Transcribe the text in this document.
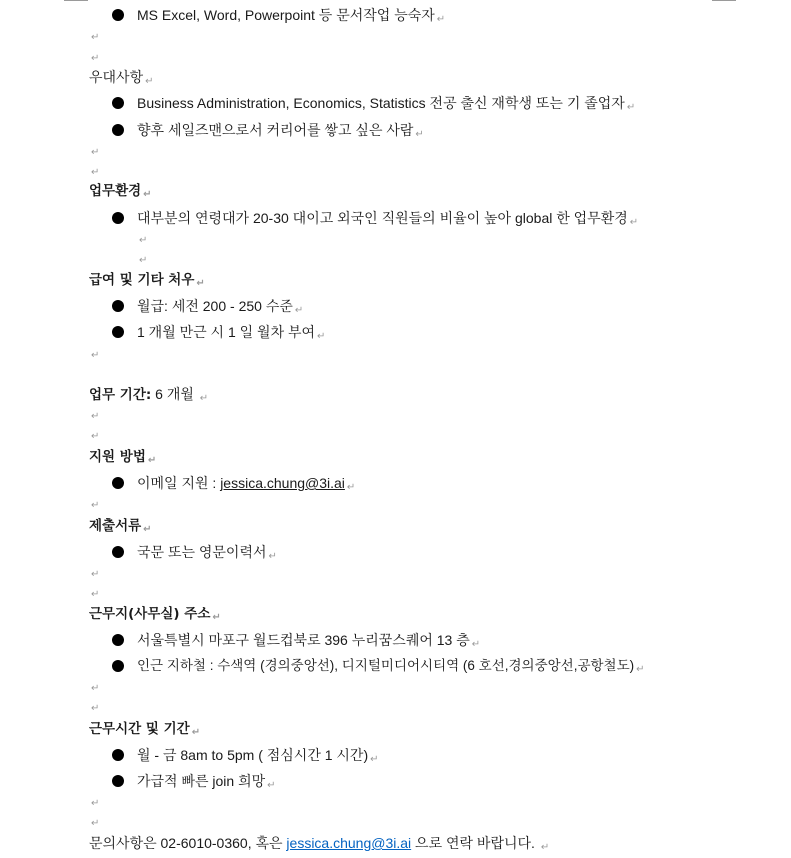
MS Excel, Word, Powerpoint 등 문서작업 능숙자 ↵
↵
↵
우대사항 ↵
Business Administration, Economics, Statistics 전공 출신 재학생 또는 기 졸업자 ↵
향후 세일즈맨으로서 커리어를 쌓고 싶은 사람 ↵
↵
↵
업무환경 ↵
대부분의 연령대가 20-30 대이고 외국인 직원들의 비율이 높아 global 한 업무환경 ↵
↵
↵
급여 및 기타 처우 ↵
월급: 세전 200 - 250 수준 ↵
1 개월 만근 시 1 일 월차 부여 ↵
↵
업무 기간: 6 개월 ↵
↵
↵
지원 방법 ↵
이메일 지원 : jessica.chung@3i.ai ↵
↵
제출서류 ↵
국문 또는 영문이력서 ↵
↵
↵
근무지(사무실) 주소 ↵
서울특별시 마포구 월드컵북로 396 누리꿈스퀘어 13 층 ↵
인근 지하철 : 수색역 (경의중앙선), 디지털미디어시티역 (6 호선,경의중앙선,공항철도) ↵
↵
↵
근무시간 및 기간 ↵
월 - 금 8am to 5pm ( 점심시간 1 시간) ↵
가급적 빠른 join 희망 ↵
↵
↵
문의사항은 02-6010-0360, 혹은 jessica.chung@3i.ai 으로 연락 바랍니다. ↵
